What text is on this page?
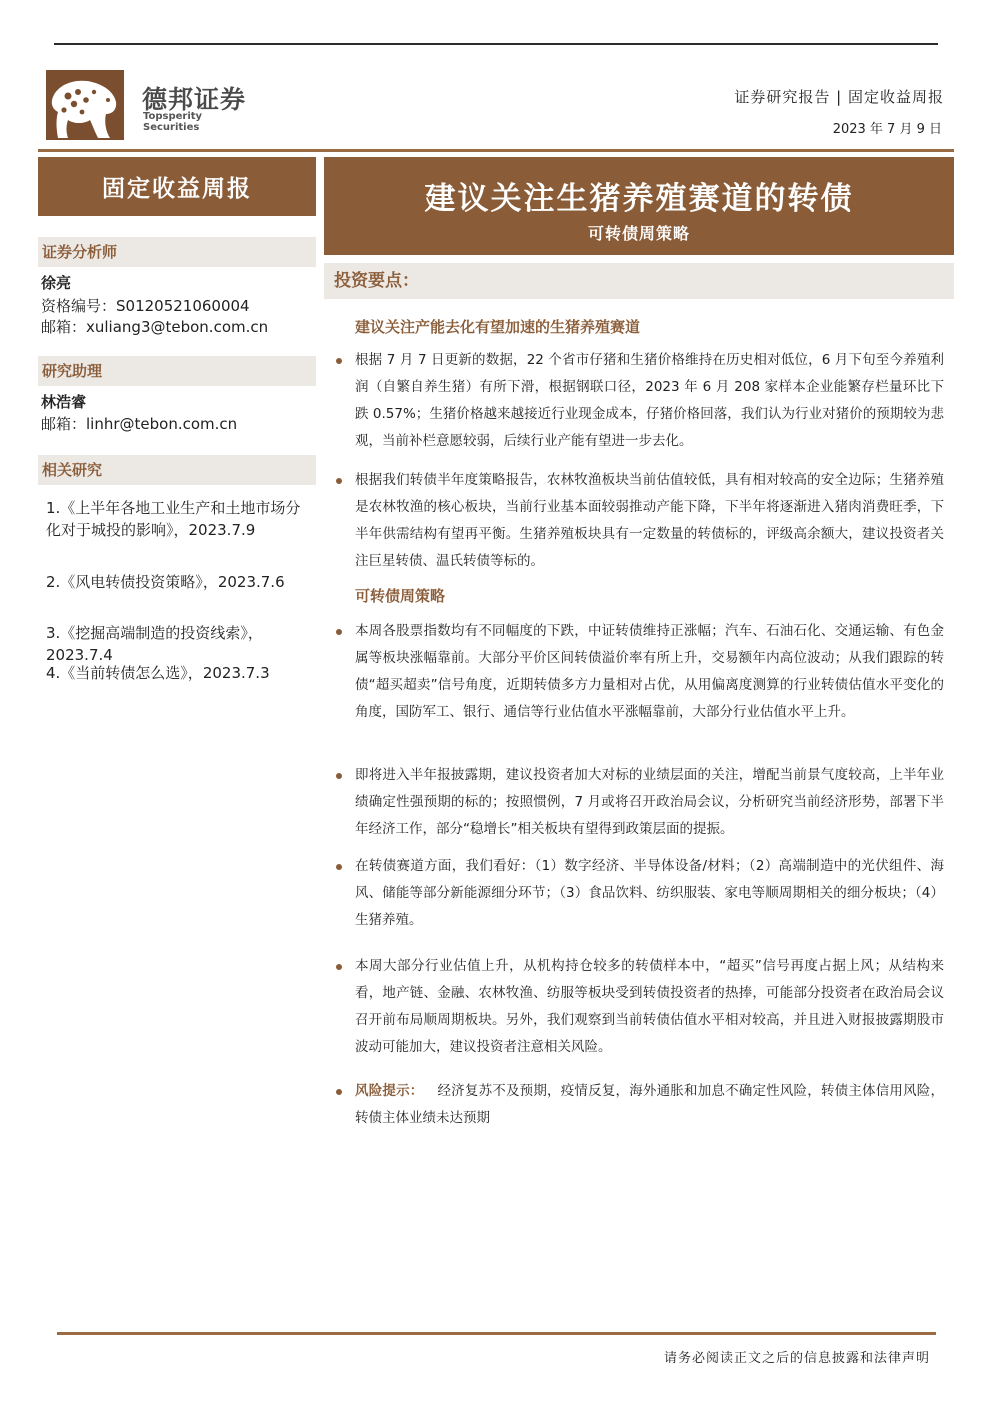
德邦证券
Topsperity Securities
证券研究报告 | 固定收益周报
2023 年 7 月 9 日
固定收益周报
证券分析师
徐亮
资格编号：S0120521060004
邮箱：xuliang3@tebon.com.cn
研究助理
林浩睿
邮箱：linhr@tebon.com.cn
相关研究
1.《上半年各地工业生产和土地市场分化对于城投的影响》，2023.7.9
2.《风电转债投资策略》，2023.7.6
3.《挖掘高端制造的投资线索》，2023.7.4
4.《当前转债怎么选》，2023.7.3
建议关注生猪养殖赛道的转债
可转债周策略
投资要点：
建议关注产能去化有望加速的生猪养殖赛道
根据 7 月 7 日更新的数据，22 个省市仔猪和生猪价格维持在历史相对低位，6 月下旬至今养殖利润（自繁自养生猪）有所下滑，根据钢联口径，2023 年 6 月 208 家样本企业能繁存栏量环比下跌 0.57%；生猪价格越来越接近行业现金成本，仔猪价格回落，我们认为行业对猪价的预期较为悲观，当前补栏意愿较弱，后续行业产能有望进一步去化。
根据我们转债半年度策略报告，农林牧渔板块当前估值较低，具有相对较高的安全边际；生猪养殖是农林牧渔的核心板块，当前行业基本面较弱推动产能下降，下半年将逐渐进入猪肉消费旺季，下半年供需结构有望再平衡。生猪养殖板块具有一定数量的转债标的，评级高余额大，建议投资者关注巨星转债、温氏转债等标的。
可转债周策略
本周各股票指数均有不同幅度的下跌，中证转债维持正涨幅；汽车、石油石化、交通运输、有色金属等板块涨幅靠前。大部分平价区间转债溢价率有所上升，交易额年内高位波动；从我们跟踪的转债“超买超卖”信号角度，近期转债多方力量相对占优，从用偏离度测算的行业转债估值水平变化的角度，国防军工、银行、通信等行业估值水平涨幅靠前，大部分行业估值水平上升。
即将进入半年报披露期，建议投资者加大对标的业绩层面的关注，增配当前景气度较高，上半年业绩确定性强预期的标的；按照惯例，7 月或将召开政治局会议，分析研究当前经济形势，部署下半年经济工作，部分“稳增长”相关板块有望得到政策层面的提振。
在转债赛道方面，我们看好：（1）数字经济、半导体设备/材料；（2）高端制造中的光伏组件、海风、储能等部分新能源细分环节；（3）食品饮料、纺织服装、家电等顺周期相关的细分板块；（4）生猪养殖。
本周大部分行业估值上升，从机构持仓较多的转债样本中，“超买”信号再度占据上风；从结构来看，地产链、金融、农林牧渔、纺服等板块受到转债投资者的热捧，可能部分投资者在政治局会议召开前布局顺周期板块。另外，我们观察到当前转债估值水平相对较高，并且进入财报披露期股市波动可能加大，建议投资者注意相关风险。
风险提示： 经济复苏不及预期，疫情反复，海外通胀和加息不确定性风险，转债主体信用风险，转债主体业绩未达预期
请务必阅读正文之后的信息披露和法律声明
